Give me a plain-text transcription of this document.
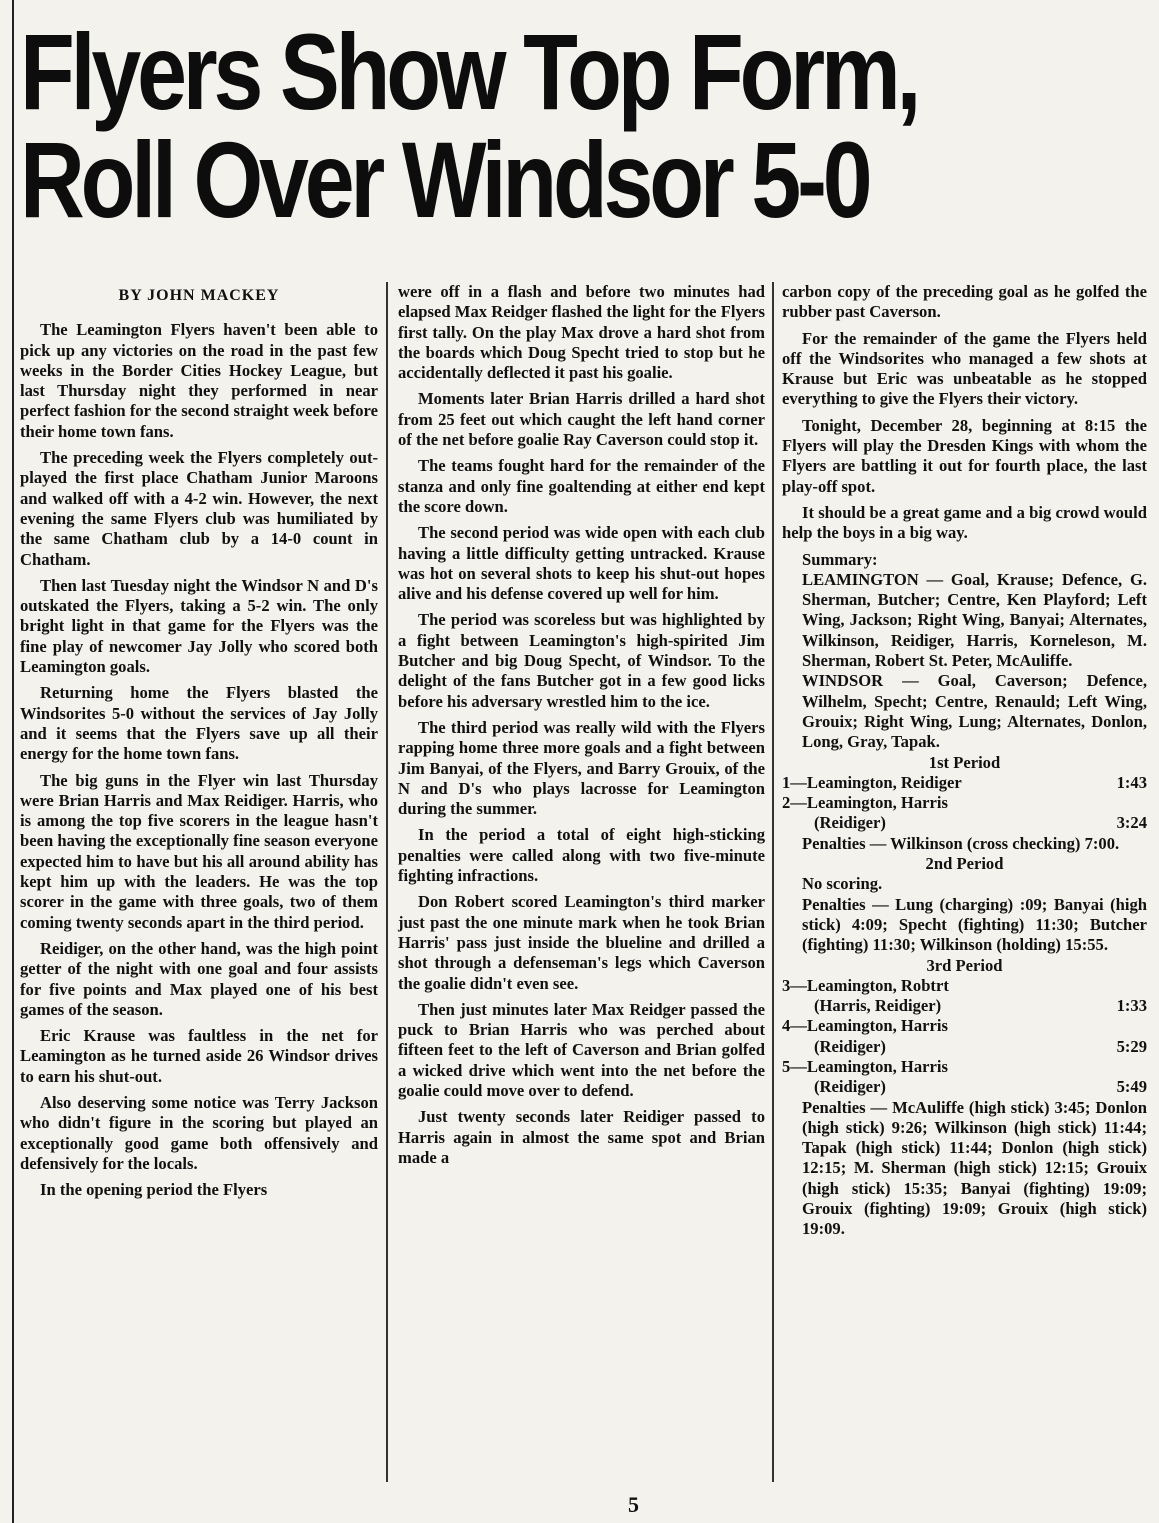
Flyers Show Top Form,
Roll Over Windsor 5-0
BY JOHN MACKEY

The Leamington Flyers haven't been able to pick up any victories on the road in the past few weeks in the Border Cities Hockey League, but last Thursday night they performed in near perfect fashion for the second straight week before their home town fans.

The preceding week the Flyers completely out-played the first place Chatham Junior Maroons and walked off with a 4-2 win. However, the next evening the same Flyers club was humiliated by the same Chatham club by a 14-0 count in Chatham.

Then last Tuesday night the Windsor N and D's outskated the Flyers, taking a 5-2 win. The only bright light in that game for the Flyers was the fine play of newcomer Jay Jolly who scored both Leamington goals.

Returning home the Flyers blasted the Windsorites 5-0 without the services of Jay Jolly and it seems that the Flyers save up all their energy for the home town fans.

The big guns in the Flyer win last Thursday were Brian Harris and Max Reidiger. Harris, who is among the top five scorers in the league hasn't been having the exceptionally fine season everyone expected him to have but his all around ability has kept him up with the leaders. He was the top scorer in the game with three goals, two of them coming twenty seconds apart in the third period.

Reidiger, on the other hand, was the high point getter of the night with one goal and four assists for five points and Max played one of his best games of the season.

Eric Krause was faultless in the net for Leamington as he turned aside 26 Windsor drives to earn his shut-out.

Also deserving some notice was Terry Jackson who didn't figure in the scoring but played an exceptionally good game both offensively and defensively for the locals.

In the opening period the Flyers

were off in a flash and before two minutes had elapsed Max Reidger flashed the light for the Flyers first tally. On the play Max drove a hard shot from the boards which Doug Specht tried to stop but he accidentally deflected it past his goalie.

Moments later Brian Harris drilled a hard shot from 25 feet out which caught the left hand corner of the net before goalie Ray Caverson could stop it.

The teams fought hard for the remainder of the stanza and only fine goaltending at either end kept the score down.

The second period was wide open with each club having a little difficulty getting untracked. Krause was hot on several shots to keep his shut-out hopes alive and his defense covered up well for him.

The period was scoreless but was highlighted by a fight between Leamington's high-spirited Jim Butcher and big Doug Specht, of Windsor. To the delight of the fans Butcher got in a few good licks before his adversary wrestled him to the ice.

The third period was really wild with the Flyers rapping home three more goals and a fight between Jim Banyai, of the Flyers, and Barry Grouix, of the N and D's who plays lacrosse for Leamington during the summer.

In the period a total of eight high-sticking penalties were called along with two five-minute fighting infractions.

Don Robert scored Leamington's third marker just past the one minute mark when he took Brian Harris' pass just inside the blueline and drilled a shot through a defenseman's legs which Caverson the goalie didn't even see.

Then just minutes later Max Reidger passed the puck to Brian Harris who was perched about fifteen feet to the left of Caverson and Brian golfed a wicked drive which went into the net before the goalie could move over to defend.

Just twenty seconds later Reidiger passed to Harris again in almost the same spot and Brian made a

carbon copy of the preceding goal as he golfed the rubber past Caverson.

For the remainder of the game the Flyers held off the Windsorites who managed a few shots at Krause but Eric was unbeatable as he stopped everything to give the Flyers their victory.

Tonight, December 28, beginning at 8:15 the Flyers will play the Dresden Kings with whom the Flyers are battling it out for fourth place, the last play-off spot.

It should be a great game and a big crowd would help the boys in a big way.

Summary:

LEAMINGTON — Goal, Krause; Defence, G. Sherman, Butcher; Centre, Ken Playford; Left Wing, Jackson; Right Wing, Banyai; Alternates, Wilkinson, Reidiger, Harris, Korneleson, M. Sherman, Robert St. Peter, McAuliffe.

WINDSOR — Goal, Caverson; Defence, Wilhelm, Specht; Centre, Renauld; Left Wing, Grouix; Right Wing, Lung; Alternates, Donlon, Long, Gray, Tapak.

1st Period
1—Leamington, Reidiger	1:43
2—Leamington, Harris
(Reidiger)	3:24

Penalties — Wilkinson (cross checking) 7:00.

2nd Period

No scoring.

Penalties — Lung (charging) :09; Banyai (high stick) 4:09; Specht (fighting) 11:30; Butcher (fighting) 11:30; Wilkinson (holding) 15:55.

3rd Period
3—Leamington, Robtrt
(Harris, Reidiger)	1:33
4—Leamington, Harris
(Reidiger)	5:29
5—Leamington, Harris
(Reidiger)	5:49

Penalties — McAuliffe (high stick) 3:45; Donlon (high stick) 9:26; Wilkinson (high stick) 11:44; Tapak (high stick) 11:44; Donlon (high stick) 12:15; M. Sherman (high stick) 12:15; Grouix (high stick) 15:35; Banyai (fighting) 19:09; Grouix (fighting) 19:09; Grouix (high stick) 19:09.

5
